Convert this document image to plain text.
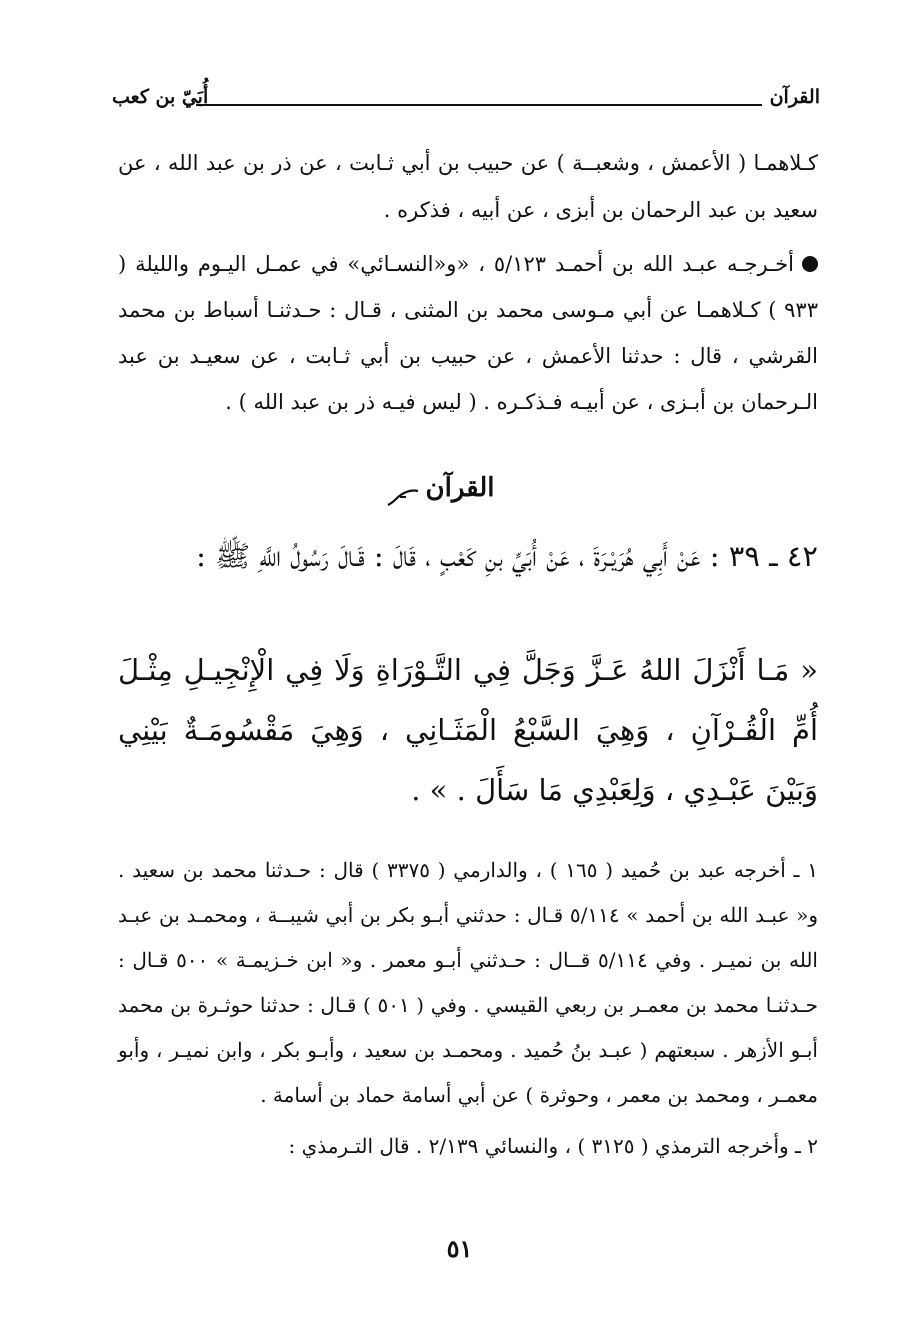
القرآن
أُبَيّ بن كعب

كـلاهمـا ( الأعمش ، وشعبــة ) عن حبيب بن أبي ثـابت ، عن ذر بن عبد الله ، عن سعيد بن عبد الرحمان بن أبزى ، عن أبيه ، فذكره .

أخـرجـه عبـد الله بن أحمـد ٥/١٢٣ ، «و«النسـائي» في عمـل اليـوم والليلة ( ٩٣٣ ) كـلاهمـا عن أبي مـوسى محمد بن المثنى ، قـال : حـدثنـا أسباط بن محمد القرشي ، قال : حدثنا الأعمش ، عن حبيب بن أبي ثـابت ، عن سعيـد بن عبد الـرحمان بن أبـزى ، عن أبيـه فـذكـره . ( ليس فيـه ذر بن عبد الله ) .

القرآن

٤٢ ـ ٣٩ : عَنْ أَبِي هُرَيْـرَةَ ، عَنْ أُبَيِّ بنِ كَعْبٍ ، قَالَ : قَـالَ رَسُولُ اللَّهِ ﷺ :

« مَـا أَنْزَلَ اللهُ عَـزَّ وَجَلَّ فِي التَّـوْرَاةِ وَلَا فِي الْإِنْجِيـلِ مِثْـلَ أُمِّ الْقُـرْآنِ ، وَهِيَ السَّبْعُ الْمَثَـانِي ، وَهِيَ مَقْسُومَـةٌ بَيْنِي وَبَيْنَ عَبْـدِي ، وَلِعَبْدِي مَا سَأَلَ . » .

١ ـ أخرجه عبد بن حُميد ( ١٦٥ ) ، والدارمي ( ٣٣٧٥ ) قال : حـدثنا محمد بن سعيد . و« عبـد الله بن أحمد » ٥/١١٤ قـال : حدثني أبـو بكر بن أبي شيبــة ، ومحمـد بن عبـد الله بن نميـر . وفي ٥/١١٤ قــال : حـدثني أبـو معمر . و« ابن خـزيمـة » ٥٠٠ قـال : حـدثنـا محمد بن معمـر بن ربعي القيسي . وفي ( ٥٠١ ) قـال : حدثنا حوثـرة بن محمد أبـو الأزهر . سبعتهم ( عبـد بنُ حُميد . ومحمـد بن سعيد ، وأبـو بكر ، وابن نميـر ، وأبو معمـر ، ومحمد بن معمر ، وحوثرة ) عن أبي أسامة حماد بن أسامة .

٢ ـ وأخرجه الترمذي ( ٣١٢٥ ) ، والنسائي ٢/١٣٩ . قال التـرمذي :

٥١
